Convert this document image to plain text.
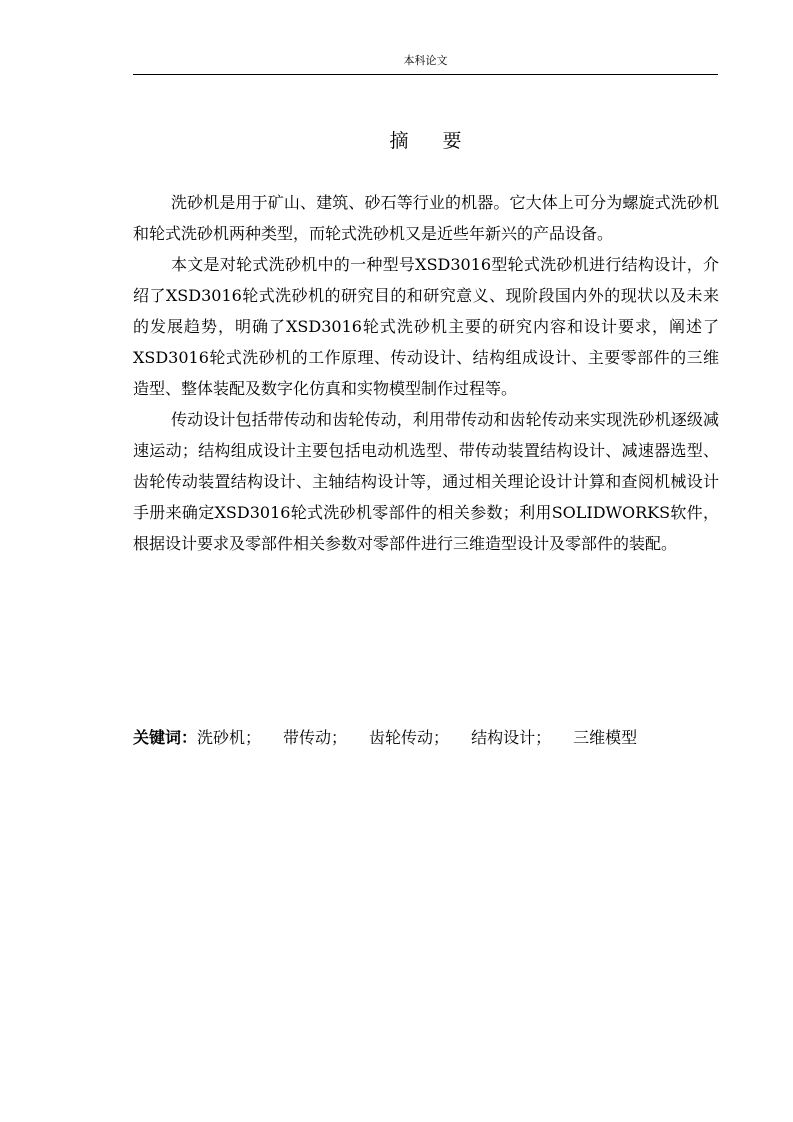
本科论文
摘 要

洗砂机是用于矿山、建筑、砂石等行业的机器。它大体上可分为螺旋式洗砂机和轮式洗砂机两种类型，而轮式洗砂机又是近些年新兴的产品设备。

本文是对轮式洗砂机中的一种型号XSD3016型轮式洗砂机进行结构设计，介绍了XSD3016轮式洗砂机的研究目的和研究意义、现阶段国内外的现状以及未来的发展趋势，明确了XSD3016轮式洗砂机主要的研究内容和设计要求，阐述了XSD3016轮式洗砂机的工作原理、传动设计、结构组成设计、主要零部件的三维造型、整体装配及数字化仿真和实物模型制作过程等。

传动设计包括带传动和齿轮传动，利用带传动和齿轮传动来实现洗砂机逐级减速运动；结构组成设计主要包括电动机选型、带传动装置结构设计、减速器选型、齿轮传动装置结构设计、主轴结构设计等，通过相关理论设计计算和查阅机械设计手册来确定XSD3016轮式洗砂机零部件的相关参数；利用SOLIDWORKS软件，根据设计要求及零部件相关参数对零部件进行三维造型设计及零部件的装配。

关键词：洗砂机； 带传动； 齿轮传动； 结构设计； 三维模型
